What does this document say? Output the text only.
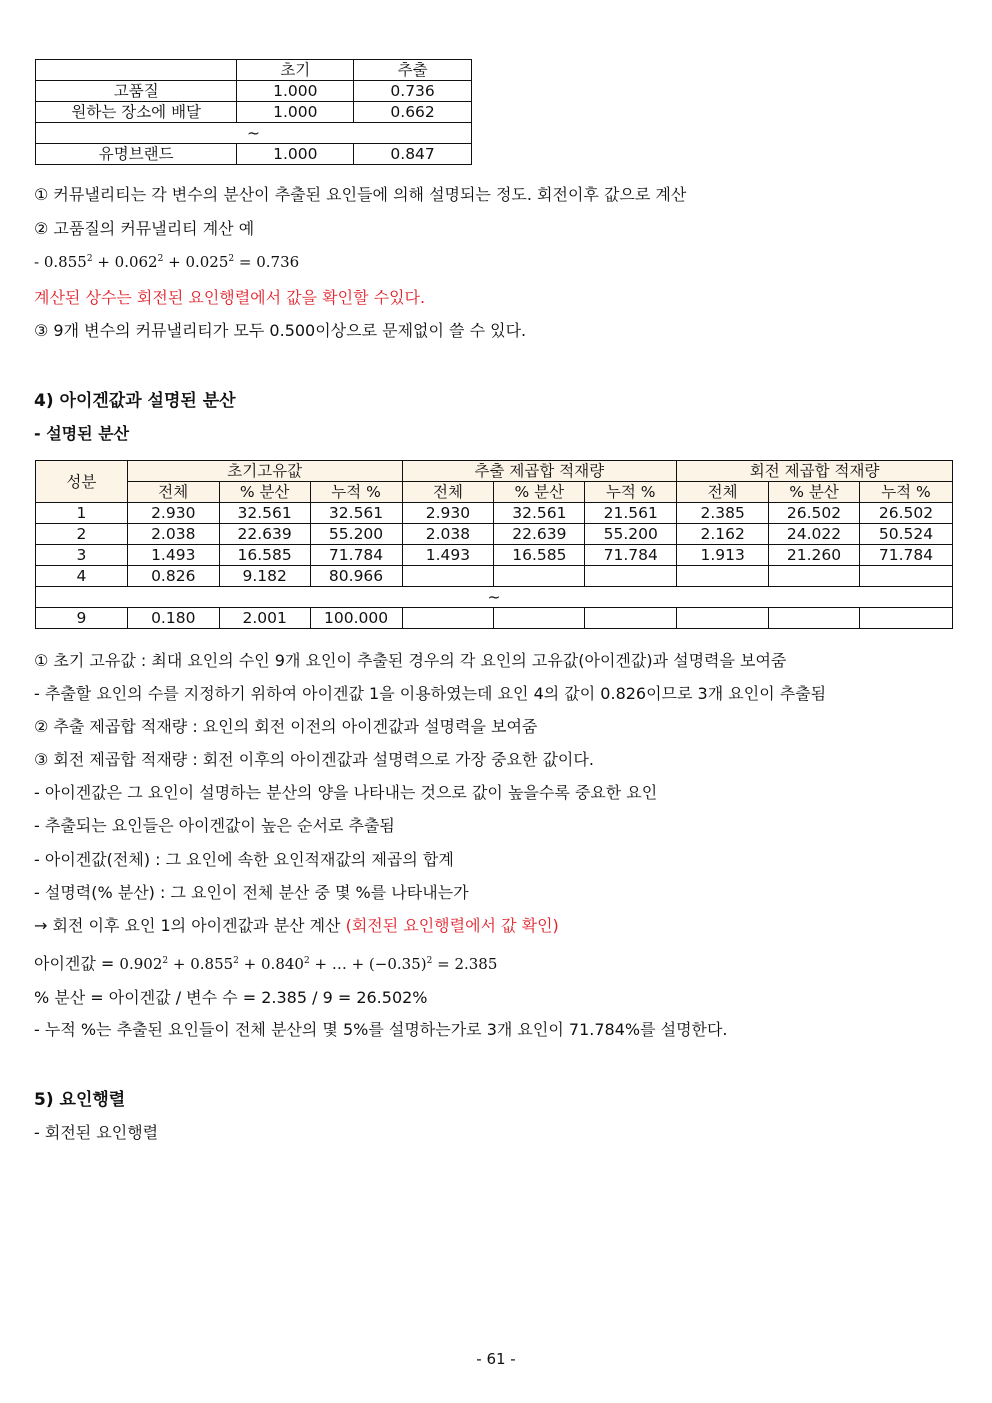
	초기	추출
고품질	1.000	0.736
원하는 장소에 배달	1.000	0.662
~		
유명브랜드	1.000	0.847
① 커뮤낼리티는 각 변수의 분산이 추출된 요인들에 의해 설명되는 정도. 회전이후 값으로 계산
② 고품질의 커뮤낼리티 계산 예
- $0.855^2 + 0.062^2 + 0.025^2 = 0.736$
계산된 상수는 회전된 요인행렬에서 값을 확인할 수있다.
③ 9개 변수의 커뮤낼리티가 모두 0.500이상으로 문제없이 쓸 수 있다.
4) 아이겐값과 설명된 분산
- 설명된 분산
성분	초기고유값			추출 제곱합 적재량			회전 제곱합 적재량		
	전체	% 분산	누적 %	전체	% 분산	누적 %	전체	% 분산	누적 %
1	2.930	32.561	32.561	2.930	32.561	21.561	2.385	26.502	26.502
2	2.038	22.639	55.200	2.038	22.639	55.200	2.162	24.022	50.524
3	1.493	16.585	71.784	1.493	16.585	71.784	1.913	21.260	71.784
4	0.826	9.182	80.966						
~									
9	0.180	2.001	100.000						
① 초기 고유값 : 최대 요인의 수인 9개 요인이 추출된 경우의 각 요인의 고유값(아이겐값)과 설명력을 보여줌
- 추출할 요인의 수를 지정하기 위하여 아이겐값 1을 이용하였는데 요인 4의 값이 0.826이므로 3개 요인이 추출됨
② 추출 제곱합 적재량 : 요인의 회전 이전의 아이겐값과 설명력을 보여줌
③ 회전 제곱합 적재량 : 회전 이후의 아이겐값과 설명력으로 가장 중요한 값이다.
- 아이겐값은 그 요인이 설명하는 분산의 양을 나타내는 것으로 값이 높을수록 중요한 요인
- 추출되는 요인들은 아이겐값이 높은 순서로 추출됨
- 아이겐값(전체) : 그 요인에 속한 요인적재값의 제곱의 합계
- 설명력(% 분산) : 그 요인이 전체 분산 중 몇 %를 나타내는가
→ 회전 이후 요인 1의 아이겐값과 분산 계산 (회전된 요인행렬에서 값 확인)
아이겐값 = $0.902^2 + 0.855^2 + 0.840^2$ + … + $(-0.35)^2 = 2.385$
% 분산 = 아이겐값 / 변수 수 = 2.385 / 9 = 26.502%
- 누적 %는 추출된 요인들이 전체 분산의 몇 5%를 설명하는가로 3개 요인이 71.784%를 설명한다.
5) 요인행렬
- 회전된 요인행렬
- 61 -
